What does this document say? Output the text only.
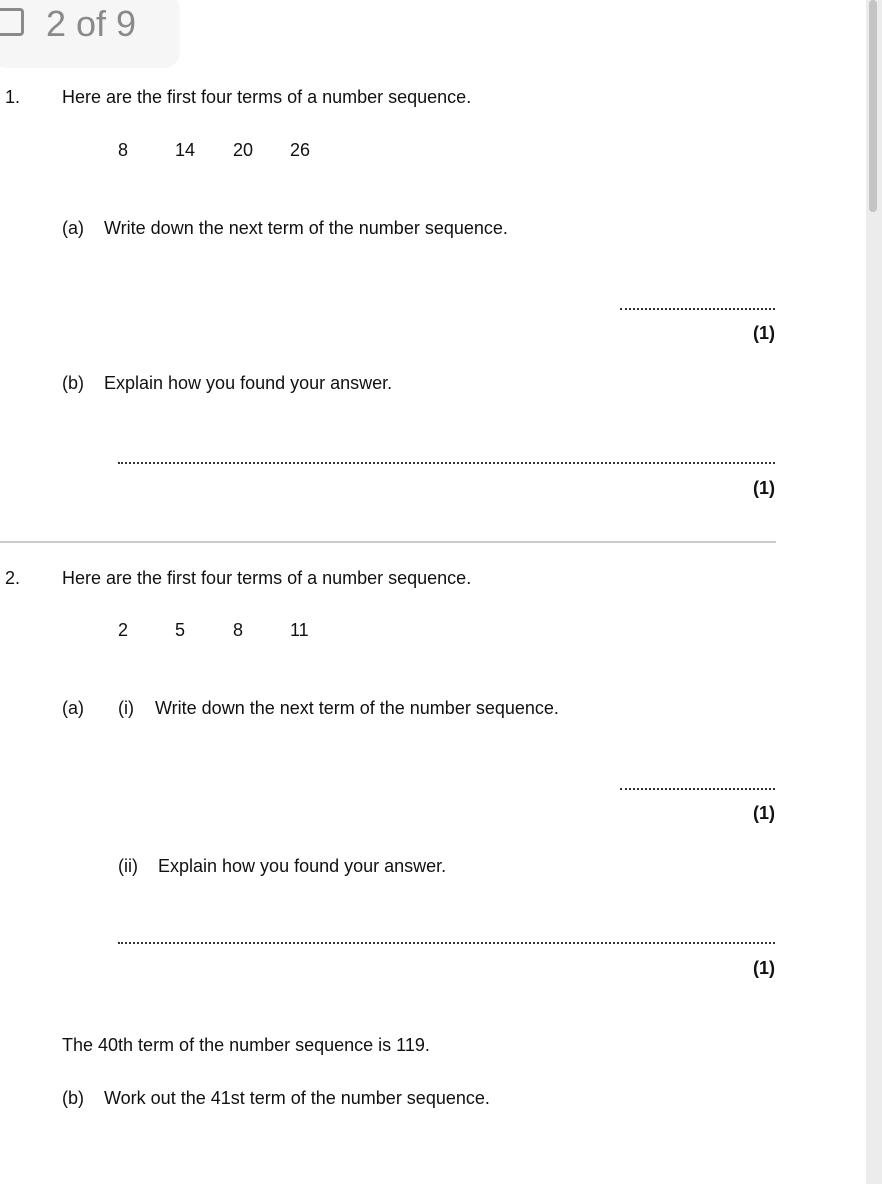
2 of 9
1. Here are the first four terms of a number sequence.
8	14 20 26
(a) Write down the next term of the number sequence.
(1)
(b) Explain how you found your answer.
(1)
2. Here are the first four terms of a number sequence.
2	5	8	11
(a) (i) Write down the next term of the number sequence.
(1)
(ii) Explain how you found your answer.
(1)
The 40th term of the number sequence is 119.
(b) Work out the 41st term of the number sequence.
